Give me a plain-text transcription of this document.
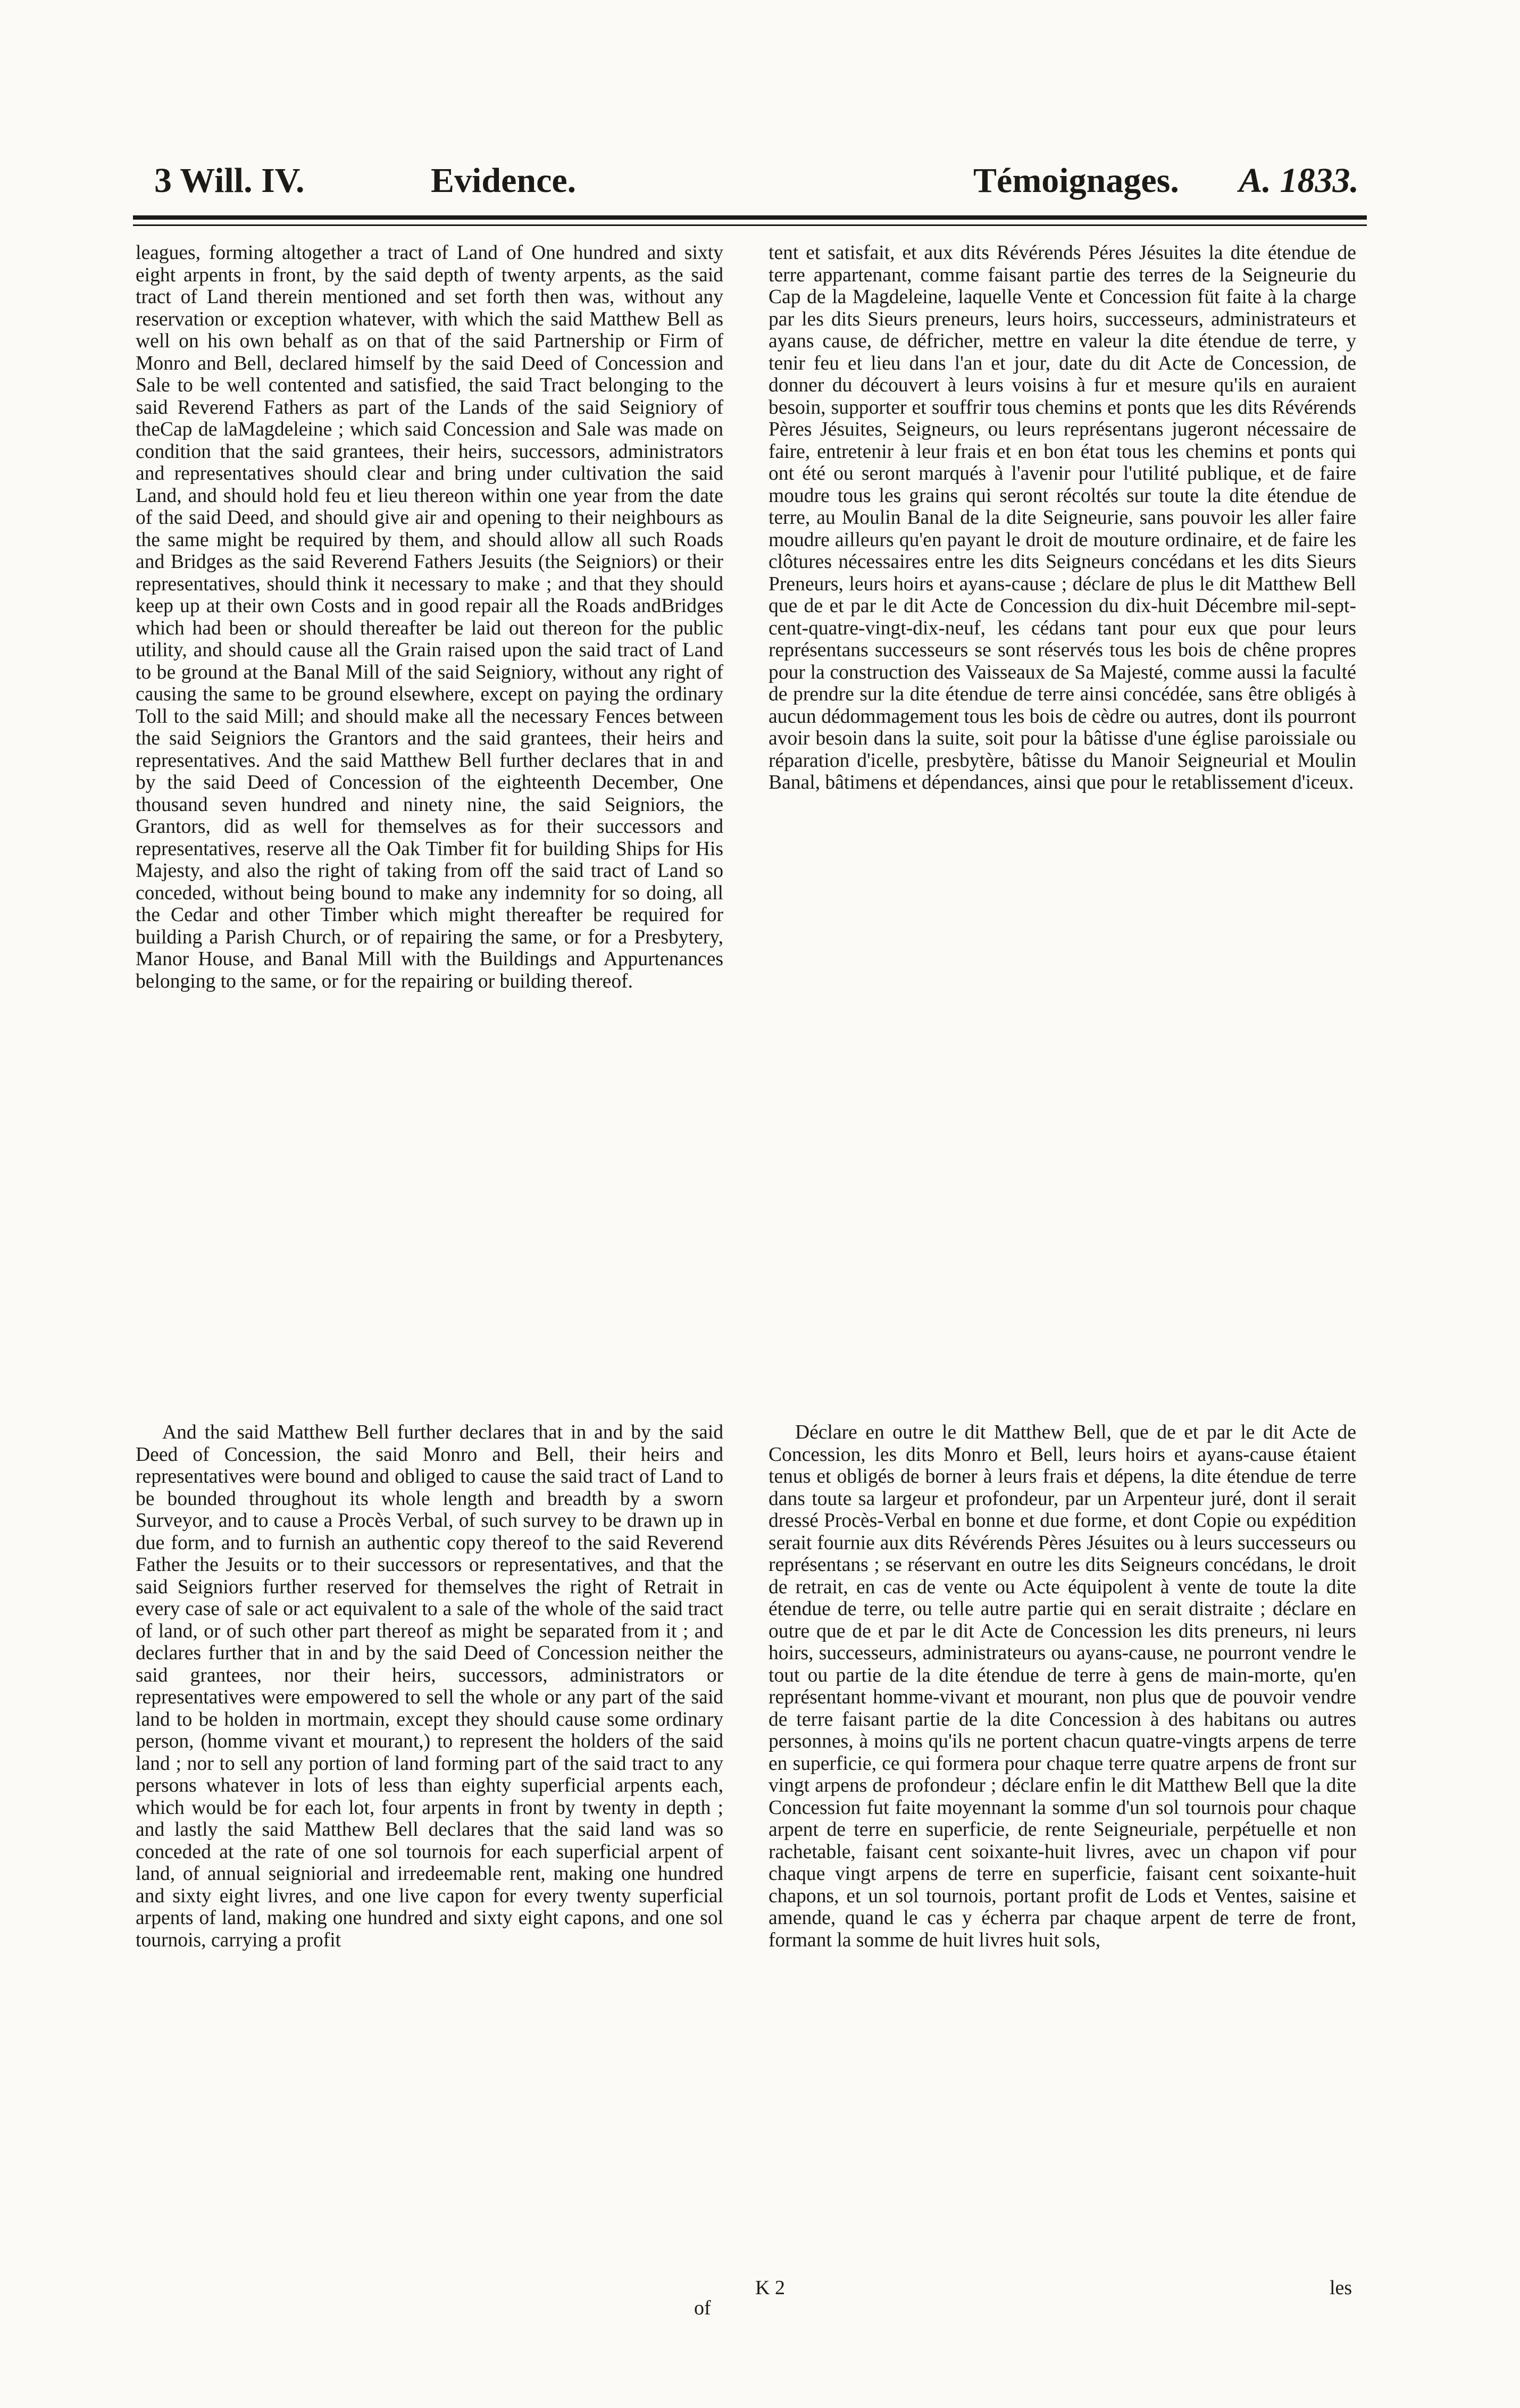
3 Will. IV.	Evidence.	Témoignages. A. 1833.

leagues, forming altogether a tract of Land of One hundred and sixty eight arpents in front, by the said depth of twenty arpents, as the said tract of Land therein mentioned and set forth then was, without any reservation or exception whatever, with which the said Matthew Bell as well on his own behalf as on that of the said Partnership or Firm of Monro and Bell, declared himself by the said Deed of Concession and Sale to be well contented and satisfied, the said Tract belonging to the said Reverend Fathers as part of the Lands of the said Seigniory of theCap de laMagdeleine ; which said Concession and Sale was made on condition that the said grantees, their heirs, successors, administrators and representatives should clear and bring under cultivation the said Land, and should hold feu et lieu thereon within one year from the date of the said Deed, and should give air and opening to their neighbours as the same might be required by them, and should allow all such Roads and Bridges as the said Reverend Fathers Jesuits (the Seigniors) or their representatives, should think it necessary to make ; and that they should keep up at their own Costs and in good repair all the Roads andBridges which had been or should thereafter be laid out thereon for the public utility, and should cause all the Grain raised upon the said tract of Land to be ground at the Banal Mill of the said Seigniory, without any right of causing the same to be ground elsewhere, except on paying the ordinary Toll to the said Mill; and should make all the necessary Fences between the said Seigniors the Grantors and the said grantees, their heirs and representatives. And the said Matthew Bell further declares that in and by the said Deed of Concession of the eighteenth December, One thousand seven hundred and ninety nine, the said Seigniors, the Grantors, did as well for themselves as for their successors and representatives, reserve all the Oak Timber fit for building Ships for His Majesty, and also the right of taking from off the said tract of Land so conceded, without being bound to make any indemnity for so doing, all the Cedar and other Timber which might thereafter be required for building a Parish Church, or of repairing the same, or for a Presbytery, Manor House, and Banal Mill with the Buildings and Appurtenances belonging to the same, or for the repairing or building thereof.

And the said Matthew Bell further declares that in and by the said Deed of Concession, the said Monro and Bell, their heirs and representatives were bound and obliged to cause the said tract of Land to be bounded throughout its whole length and breadth by a sworn Surveyor, and to cause a Procès Verbal, of such survey to be drawn up in due form, and to furnish an authentic copy thereof to the said Reverend Father the Jesuits or to their successors or representatives, and that the said Seigniors further reserved for themselves the right of Retrait in every case of sale or act equivalent to a sale of the whole of the said tract of land, or of such other part thereof as might be separated from it ; and declares further that in and by the said Deed of Concession neither the said grantees, nor their heirs, successors, administrators or representatives were empowered to sell the whole or any part of the said land to be holden in mortmain, except they should cause some ordinary person, (homme vivant et mourant,) to represent the holders of the said land ; nor to sell any portion of land forming part of the said tract to any persons whatever in lots of less than eighty superficial arpents each, which would be for each lot, four arpents in front by twenty in depth ; and lastly the said Matthew Bell declares that the said land was so conceded at the rate of one sol tournois for each superficial arpent of land, of annual seigniorial and irredeemable rent, making one hundred and sixty eight livres, and one live capon for every twenty superficial arpents of land, making one hundred and sixty eight capons, and one sol tournois, carrying a profit

tent et satisfait, et aux dits Révérends Péres Jésuites la dite étendue de terre appartenant, comme faisant partie des terres de la Seigneurie du Cap de la Magdeleine, laquelle Vente et Concession füt faite à la charge par les dits Sieurs preneurs, leurs hoirs, successeurs, administrateurs et ayans cause, de défricher, mettre en valeur la dite étendue de terre, y tenir feu et lieu dans l'an et jour, date du dit Acte de Concession, de donner du découvert à leurs voisins à fur et mesure qu'ils en auraient besoin, supporter et souffrir tous chemins et ponts que les dits Révérends Pères Jésuites, Seigneurs, ou leurs représentans jugeront nécessaire de faire, entretenir à leur frais et en bon état tous les chemins et ponts qui ont été ou seront marqués à l'avenir pour l'utilité publique, et de faire moudre tous les grains qui seront récoltés sur toute la dite étendue de terre, au Moulin Banal de la dite Seigneurie, sans pouvoir les aller faire moudre ailleurs qu'en payant le droit de mouture ordinaire, et de faire les clôtures nécessaires entre les dits Seigneurs concédans et les dits Sieurs Preneurs, leurs hoirs et ayans-cause ; déclare de plus le dit Matthew Bell que de et par le dit Acte de Concession du dix-huit Décembre mil-sept-cent-quatre-vingt-dix-neuf, les cédans tant pour eux que pour leurs représentans successeurs se sont réservés tous les bois de chêne propres pour la construction des Vaisseaux de Sa Majesté, comme aussi la faculté de prendre sur la dite étendue de terre ainsi concédée, sans être obligés à aucun dédommagement tous les bois de cèdre ou autres, dont ils pourront avoir besoin dans la suite, soit pour la bâtisse d'une église paroissiale ou réparation d'icelle, presbytère, bâtisse du Manoir Seigneurial et Moulin Banal, bâtimens et dépendances, ainsi que pour le retablissement d'iceux.

Déclare en outre le dit Matthew Bell, que de et par le dit Acte de Concession, les dits Monro et Bell, leurs hoirs et ayans-cause étaient tenus et obligés de borner à leurs frais et dépens, la dite étendue de terre dans toute sa largeur et profondeur, par un Arpenteur juré, dont il serait dressé Procès-Verbal en bonne et due forme, et dont Copie ou expédition serait fournie aux dits Révérends Pères Jésuites ou à leurs successeurs ou représentans ; se réservant en outre les dits Seigneurs concédans, le droit de retrait, en cas de vente ou Acte équipolent à vente de toute la dite étendue de terre, ou telle autre partie qui en serait distraite ; déclare en outre que de et par le dit Acte de Concession les dits preneurs, ni leurs hoirs, successeurs, administrateurs ou ayans-cause, ne pourront vendre le tout ou partie de la dite étendue de terre à gens de main-morte, qu'en représentant homme-vivant et mourant, non plus que de pouvoir vendre de terre faisant partie de la dite Concession à des habitans ou autres personnes, à moins qu'ils ne portent chacun quatre-vingts arpens de terre en superficie, ce qui formera pour chaque terre quatre arpens de front sur vingt arpens de profondeur ; déclare enfin le dit Matthew Bell que la dite Concession fut faite moyennant la somme d'un sol tournois pour chaque arpent de terre en superficie, de rente Seigneuriale, perpétuelle et non rachetable, faisant cent soixante-huit livres, avec un chapon vif pour chaque vingt arpens de terre en superficie, faisant cent soixante-huit chapons, et un sol tournois, portant profit de Lods et Ventes, saisine et amende, quand le cas y écherra par chaque arpent de terre de front, formant la somme de huit livres huit sols,

of
K 2	les
